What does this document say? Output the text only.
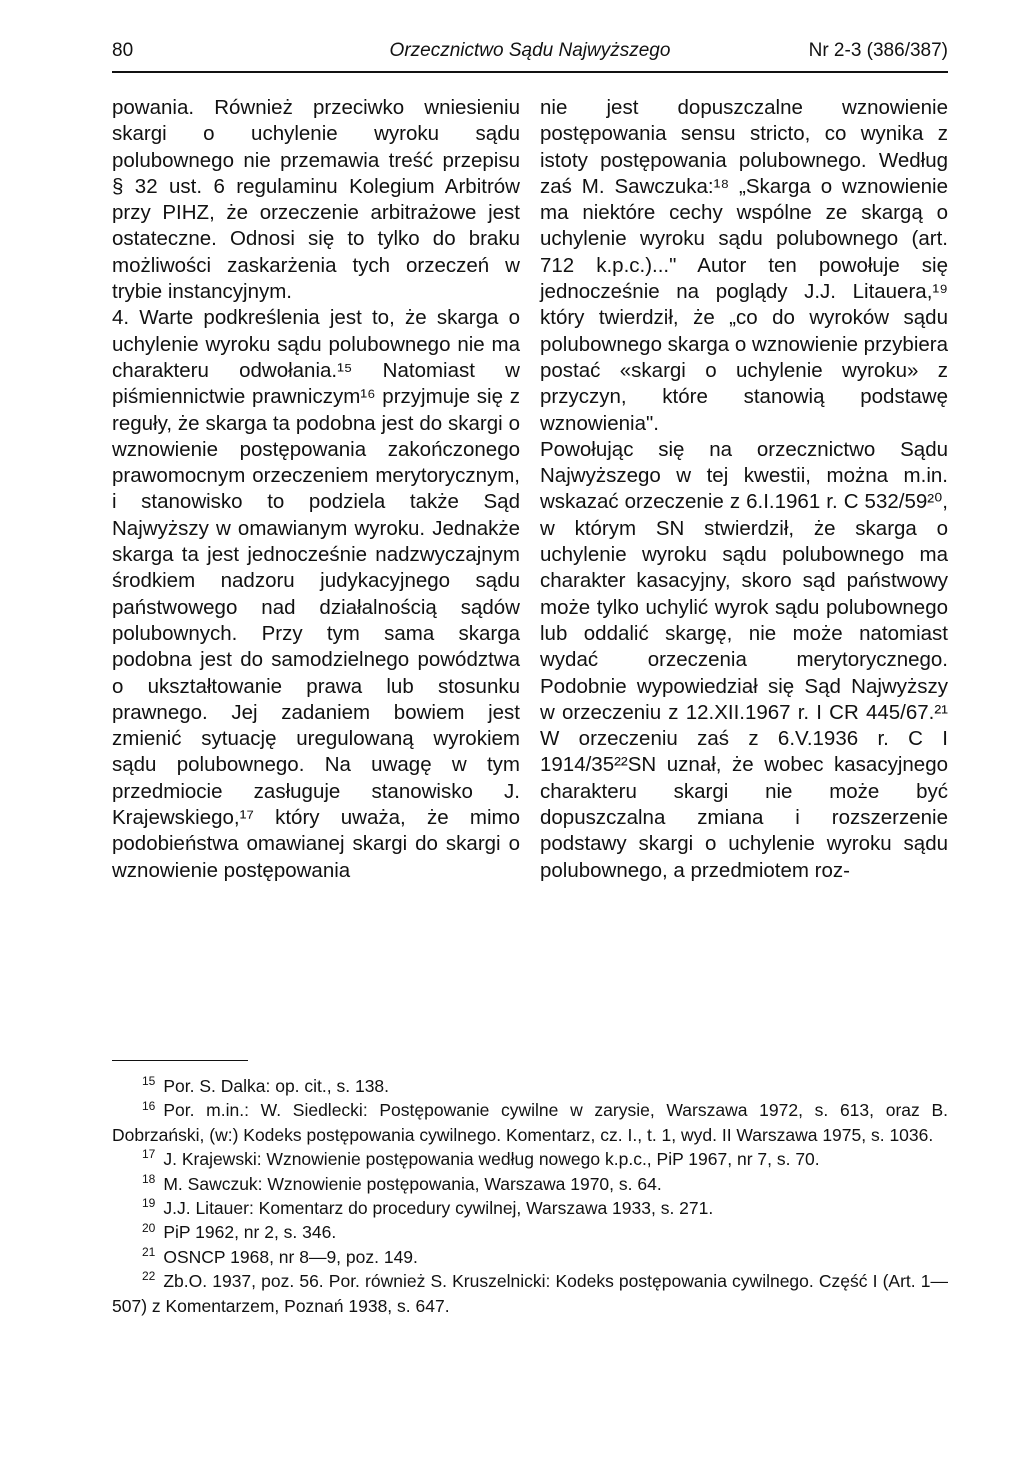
Orzecznictwo Sądu Najwyższego
80	Nr 2-3 (386/387)

powania. Również przeciwko wniesieniu skargi o uchylenie wyroku sądu polubownego nie przemawia treść przepisu § 32 ust. 6 regulaminu Kolegium Arbitrów przy PIHZ, że orzeczenie arbitrażowe jest ostateczne. Odnosi się to tylko do braku możliwości zaskarżenia tych orzeczeń w trybie instancyjnym.

4. Warte podkreślenia jest to, że skarga o uchylenie wyroku sądu polubownego nie ma charakteru odwołania.¹⁵ Natomiast w piśmiennictwie prawniczym¹⁶ przyjmuje się z reguły, że skarga ta podobna jest do skargi o wznowienie postępowania zakończonego prawomocnym orzeczeniem merytorycznym, i stanowisko to podziela także Sąd Najwyższy w omawianym wyroku. Jednakże skarga ta jest jednocześnie nadzwyczajnym środkiem nadzoru judykacyjnego sądu państwowego nad działalnością sądów polubownych. Przy tym sama skarga podobna jest do samodzielnego powództwa o ukształtowanie prawa lub stosunku prawnego. Jej zadaniem bowiem jest zmienić sytuację uregulowaną wyrokiem sądu polubownego. Na uwagę w tym przedmiocie zasługuje stanowisko J. Krajewskiego,¹⁷ który uważa, że mimo podobieństwa omawianej skargi do skargi o wznowienie postępowania

nie jest dopuszczalne wznowienie postępowania sensu stricto, co wynika z istoty postępowania polubownego. Według zaś M. Sawczuka:¹⁸ „Skarga o wznowienie ma niektóre cechy wspólne ze skargą o uchylenie wyroku sądu polubownego (art. 712 k.p.c.)..." Autor ten powołuje się jednocześnie na poglądy J.J. Litauera,¹⁹ który twierdził, że „co do wyroków sądu polubownego skarga o wznowienie przybiera postać «skargi o uchylenie wyroku» z przyczyn, które stanowią podstawę wznowienia".

Powołując się na orzecznictwo Sądu Najwyższego w tej kwestii, można m.in. wskazać orzeczenie z 6.I.1961 r. C 532/59²⁰, w którym SN stwierdził, że skarga o uchylenie wyroku sądu polubownego ma charakter kasacyjny, skoro sąd państwowy może tylko uchylić wyrok sądu polubownego lub oddalić skargę, nie może natomiast wydać orzeczenia merytorycznego. Podobnie wypowiedział się Sąd Najwyższy w orzeczeniu z 12.XII.1967 r. I CR 445/67.²¹ W orzeczeniu zaś z 6.V.1936 r. C I 1914/35²²SN uznał, że wobec kasacyjnego charakteru skargi nie może być dopuszczalna zmiana i rozszerzenie podstawy skargi o uchylenie wyroku sądu polubownego, a przedmiotem roz-

$^{15}$ Por. S. Dalka: op. cit., s. 138.

$^{16}$ Por. m.in.: W. Siedlecki: Postępowanie cywilne w zarysie, Warszawa 1972, s. 613, oraz B. Dobrzański, (w:) Kodeks postępowania cywilnego. Komentarz, cz. I., t. 1, wyd. II Warszawa 1975, s. 1036.

$^{17}$ J. Krajewski: Wznowienie postępowania według nowego k.p.c., PiP 1967, nr 7, s. 70.

$^{18}$ M. Sawczuk: Wznowienie postępowania, Warszawa 1970, s. 64.

$^{19}$ J.J. Litauer: Komentarz do procedury cywilnej, Warszawa 1933, s. 271.

$^{20}$ PiP 1962, nr 2, s. 346.

$^{21}$ OSNCP 1968, nr 8—9, poz. 149.

$^{22}$ Zb.O. 1937, poz. 56. Por. również S. Kruszelnicki: Kodeks postępowania cywilnego. Część I (Art. 1—507) z Komentarzem, Poznań 1938, s. 647.
